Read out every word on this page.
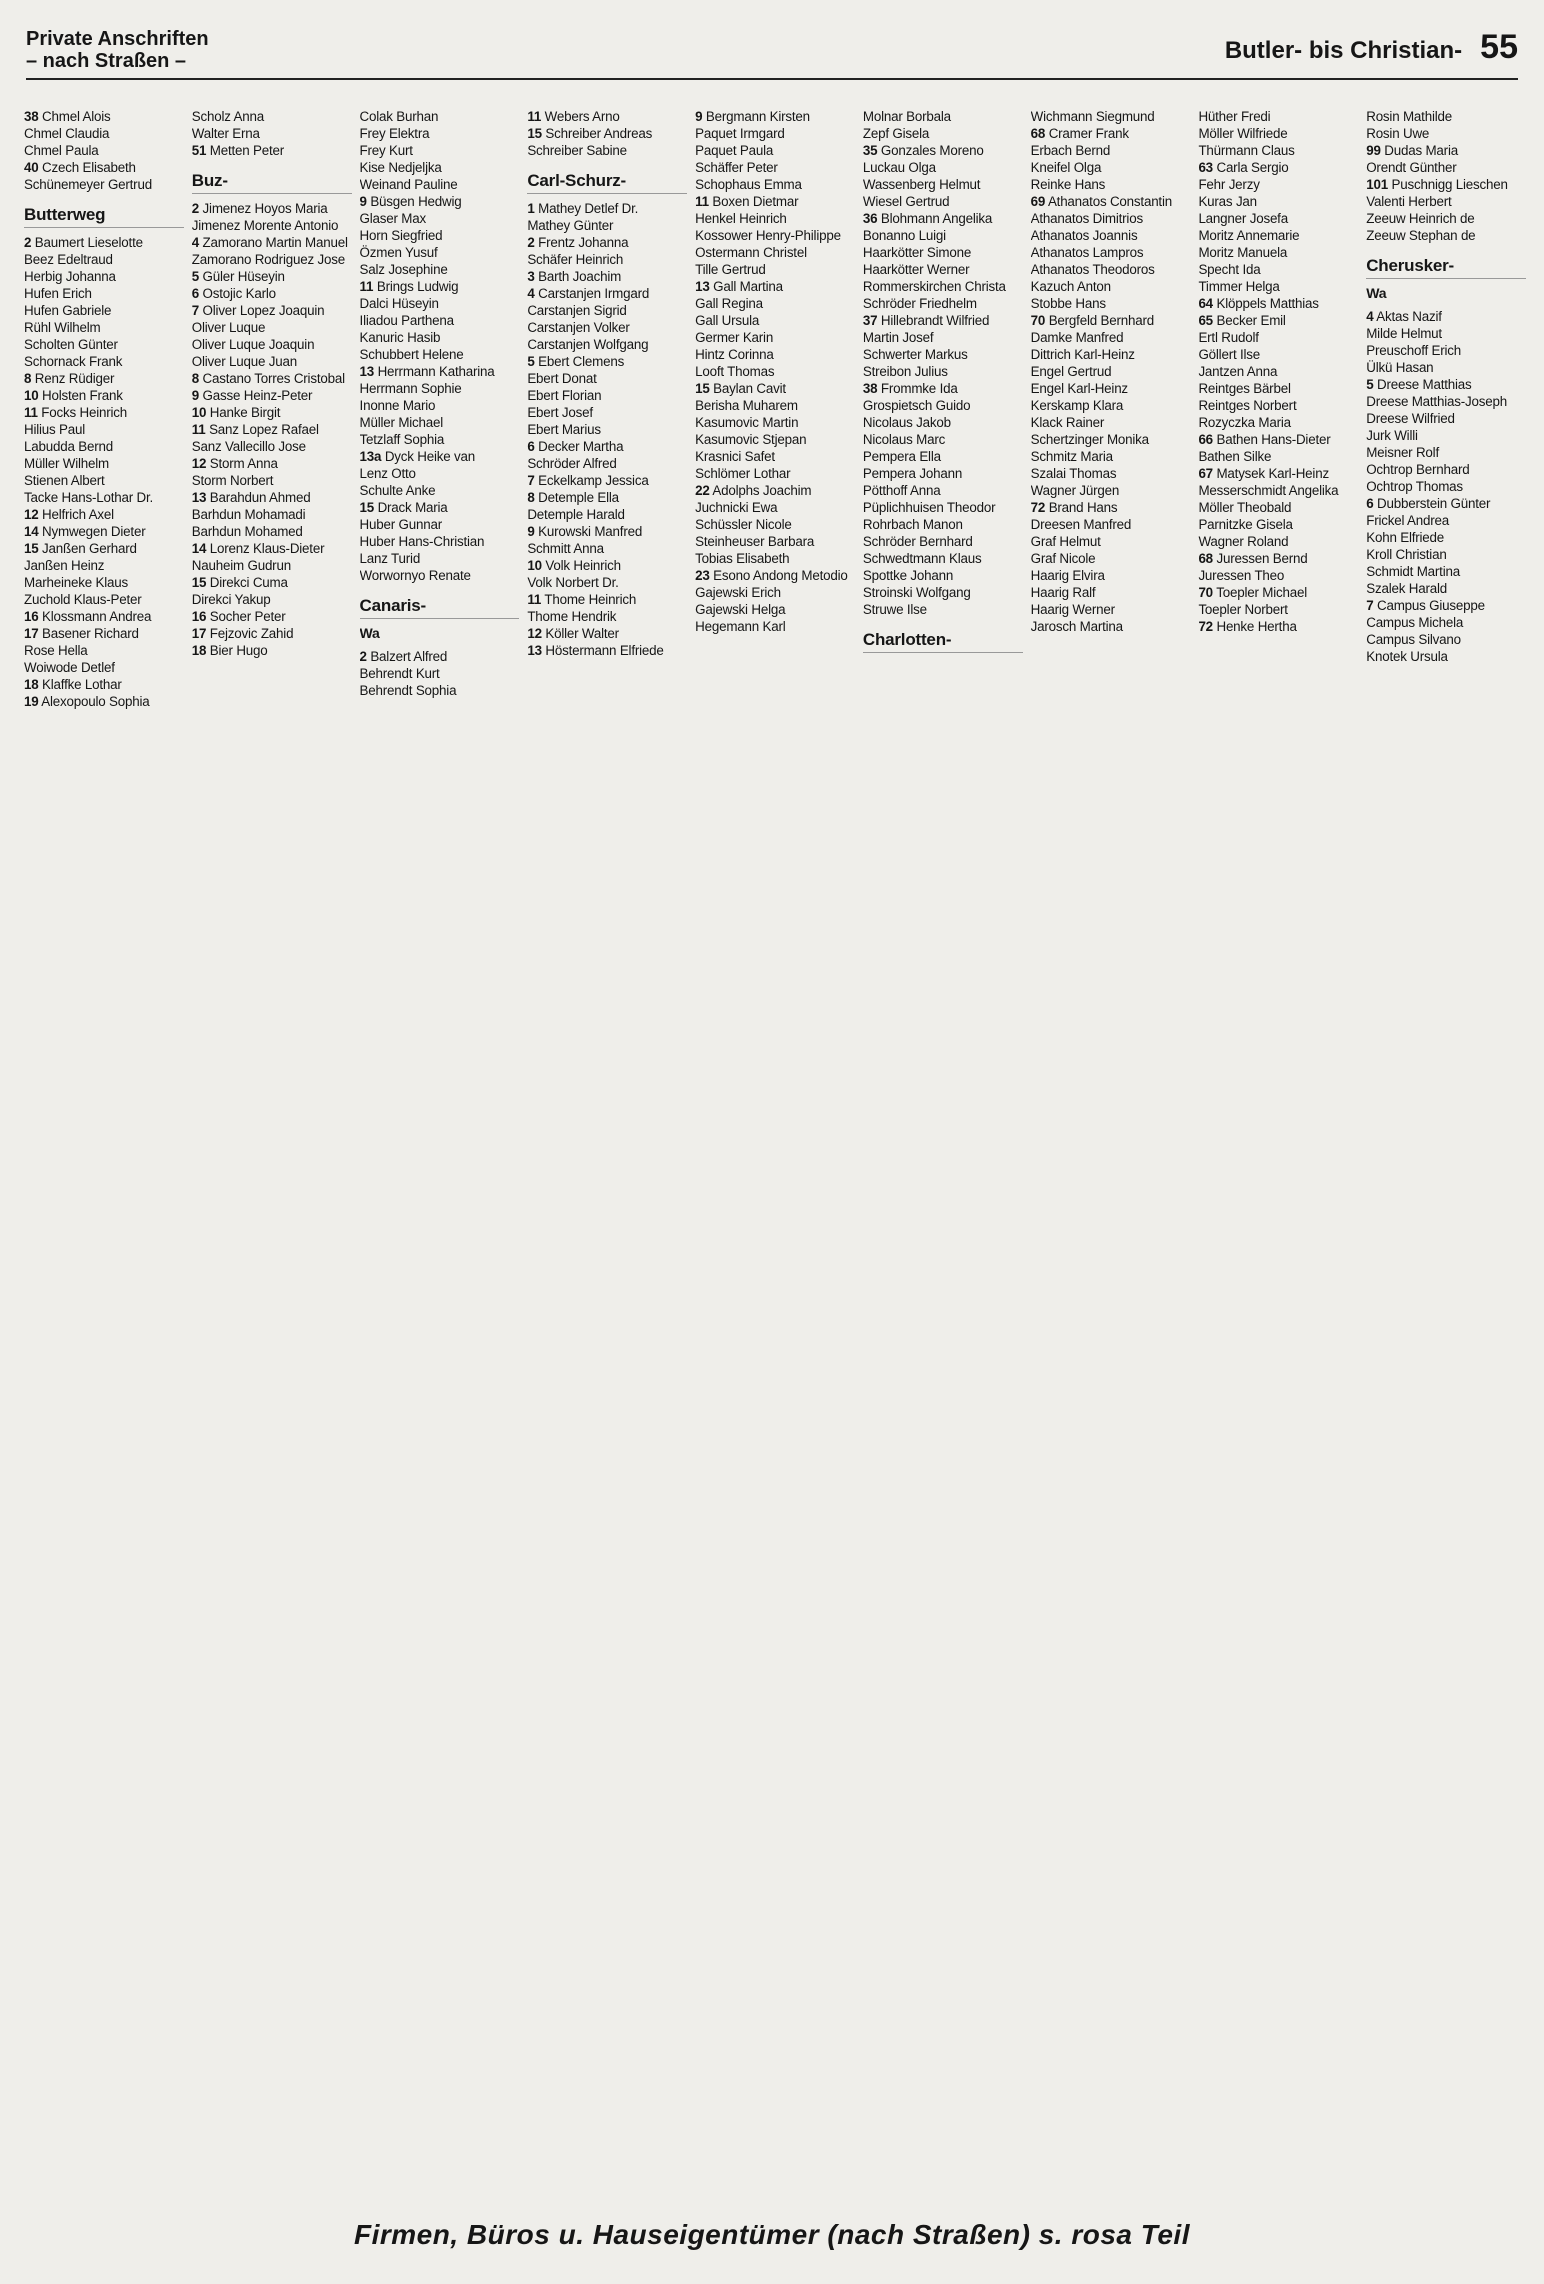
Private Anschriften
– nach Straßen –	Butler- bis Christian- 55
38 Chmel Alois
Chmel Claudia
Chmel Paula
40 Czech Elisabeth
Schünemeyer Gertrud
Butterweg
2 Baumert Lieselotte
Beez Edeltraud
Herbig Johanna
Hufen Erich
Hufen Gabriele
Rühl Wilhelm
Scholten Günter
Schornack Frank
8 Renz Rüdiger
10 Holsten Frank
11 Focks Heinrich
Hilius Paul
Labudda Bernd
Müller Wilhelm
Stienen Albert
Tacke Hans-Lothar Dr.
12 Helfrich Axel
14 Nymwegen Dieter
15 Janßen Gerhard
Janßen Heinz
Marheineke Klaus
Zuchold Klaus-Peter
16 Klossmann Andrea
17 Basener Richard
Rose Hella
Woiwode Detlef
18 Klaffke Lothar
19 Alexopoulo Sophia
Scholz Anna
Walter Erna
51 Metten Peter
Buz-
2 Jimenez Hoyos Maria
Jimenez Morente Antonio
4 Zamorano Martin Manuel
Zamorano Rodriguez Jose
5 Güler Hüseyin
6 Ostojic Karlo
7 Oliver Lopez Joaquin
Oliver Luque
Oliver Luque Joaquin
Oliver Luque Juan
8 Castano Torres Cristobal
9 Gasse Heinz-Peter
10 Hanke Birgit
11 Sanz Lopez Rafael
Sanz Vallecillo Jose
12 Storm Anna
Storm Norbert
13 Barahdun Ahmed
Barhdun Mohamadi
Barhdun Mohamed
14 Lorenz Klaus-Dieter
Nauheim Gudrun
15 Direkci Cuma
Direkci Yakup
16 Socher Peter
17 Fejzovic Zahid
18 Bier Hugo
Colak Burhan
Frey Elektra
Frey Kurt
Kise Nedjeljka
Weinand Pauline
9 Büsgen Hedwig
Glaser Max
Horn Siegfried
Özmen Yusuf
Salz Josephine
11 Brings Ludwig
Dalci Hüseyin
Iliadou Parthena
Kanuric Hasib
Schubbert Helene
13 Herrmann Katharina
Herrmann Sophie
Inonne Mario
Müller Michael
Tetzlaff Sophia
13a Dyck Heike van
Lenz Otto
Schulte Anke
15 Drack Maria
Huber Gunnar
Huber Hans-Christian
Lanz Turid
Worwornyo Renate
Canaris-
Wa
2 Balzert Alfred
Behrendt Kurt
Behrendt Sophia
11 Webers Arno
15 Schreiber Andreas
Schreiber Sabine
Carl-Schurz-
1 Mathey Detlef Dr.
Mathey Günter
2 Frentz Johanna
Schäfer Heinrich
3 Barth Joachim
4 Carstanjen Irmgard
Carstanjen Sigrid
Carstanjen Volker
Carstanjen Wolfgang
5 Ebert Clemens
Ebert Donat
Ebert Florian
Ebert Josef
Ebert Marius
6 Decker Martha
Schröder Alfred
7 Eckelkamp Jessica
8 Detemple Ella
Detemple Harald
9 Kurowski Manfred
Schmitt Anna
10 Volk Heinrich
Volk Norbert Dr.
11 Thome Heinrich
Thome Hendrik
12 Köller Walter
13 Höstermann Elfriede
9 Bergmann Kirsten
Paquet Irmgard
Paquet Paula
Schäffer Peter
Schophaus Emma
11 Boxen Dietmar
Henkel Heinrich
Kossower Henry-Philippe
Ostermann Christel
Tille Gertrud
13 Gall Martina
Gall Regina
Gall Ursula
Germer Karin
Hintz Corinna
Looft Thomas
15 Baylan Cavit
Berisha Muharem
Kasumovic Martin
Kasumovic Stjepan
Krasnici Safet
Schlömer Lothar
22 Adolphs Joachim
Juchnicki Ewa
Schüssler Nicole
Steinheuser Barbara
Tobias Elisabeth
23 Esono Andong Metodio
Gajewski Erich
Gajewski Helga
Hegemann Karl
Molnar Borbala
Zepf Gisela
35 Gonzales Moreno
Luckau Olga
Wassenberg Helmut
Wiesel Gertrud
36 Blohmann Angelika
Bonanno Luigi
Haarkötter Simone
Haarkötter Werner
Rommerskirchen Christa
Schröder Friedhelm
37 Hillebrandt Wilfried
Martin Josef
Schwerter Markus
Streibon Julius
38 Frommke Ida
Grospietsch Guido
Nicolaus Jakob
Nicolaus Marc
Pempera Ella
Pempera Johann
Pötthoff Anna
Püplichhuisen Theodor
Rohrbach Manon
Schröder Bernhard
Schwedtmann Klaus
Spottke Johann
Stroinski Wolfgang
Struwe Ilse
Charlotten-
Wichmann Siegmund
68 Cramer Frank
Erbach Bernd
Kneifel Olga
Reinke Hans
69 Athanatos Constantin
Athanatos Dimitrios
Athanatos Joannis
Athanatos Lampros
Athanatos Theodoros
Kazuch Anton
Stobbe Hans
70 Bergfeld Bernhard
Damke Manfred
Dittrich Karl-Heinz
Engel Gertrud
Engel Karl-Heinz
Kerskamp Klara
Klack Rainer
Schertzinger Monika
Schmitz Maria
Szalai Thomas
Wagner Jürgen
72 Brand Hans
Dreesen Manfred
Graf Helmut
Graf Nicole
Haarig Elvira
Haarig Ralf
Haarig Werner
Jarosch Martina
Hüther Fredi
Möller Wilfriede
Thürmann Claus
63 Carla Sergio
Fehr Jerzy
Kuras Jan
Langner Josefa
Moritz Annemarie
Moritz Manuela
Specht Ida
Timmer Helga
64 Klöppels Matthias
65 Becker Emil
Ertl Rudolf
Göllert Ilse
Jantzen Anna
Reintges Bärbel
Reintges Norbert
Rozyczka Maria
66 Bathen Hans-Dieter
Bathen Silke
67 Matysek Karl-Heinz
Messerschmidt Angelika
Möller Theobald
Parnitzke Gisela
Wagner Roland
68 Juressen Bernd
Juressen Theo
70 Toepler Michael
Toepler Norbert
72 Henke Hertha
Rosin Mathilde
Rosin Uwe
99 Dudas Maria
Orendt Günther
101 Puschnigg Lieschen
Valenti Herbert
Zeeuw Heinrich de
Zeeuw Stephan de
Cherusker-
Wa
4 Aktas Nazif
Milde Helmut
Preuschoff Erich
Ülkü Hasan
5 Dreese Matthias
Dreese Matthias-Joseph
Dreese Wilfried
Jurk Willi
Meisner Rolf
Ochtrop Bernhard
Ochtrop Thomas
6 Dubberstein Günter
Frickel Andrea
Kohn Elfriede
Kroll Christian
Schmidt Martina
Szalek Harald
7 Campus Giuseppe
Campus Michela
Campus Silvano
Knotek Ursula
Firmen, Büros u. Hauseigentümer (nach Straßen) s. rosa Teil
